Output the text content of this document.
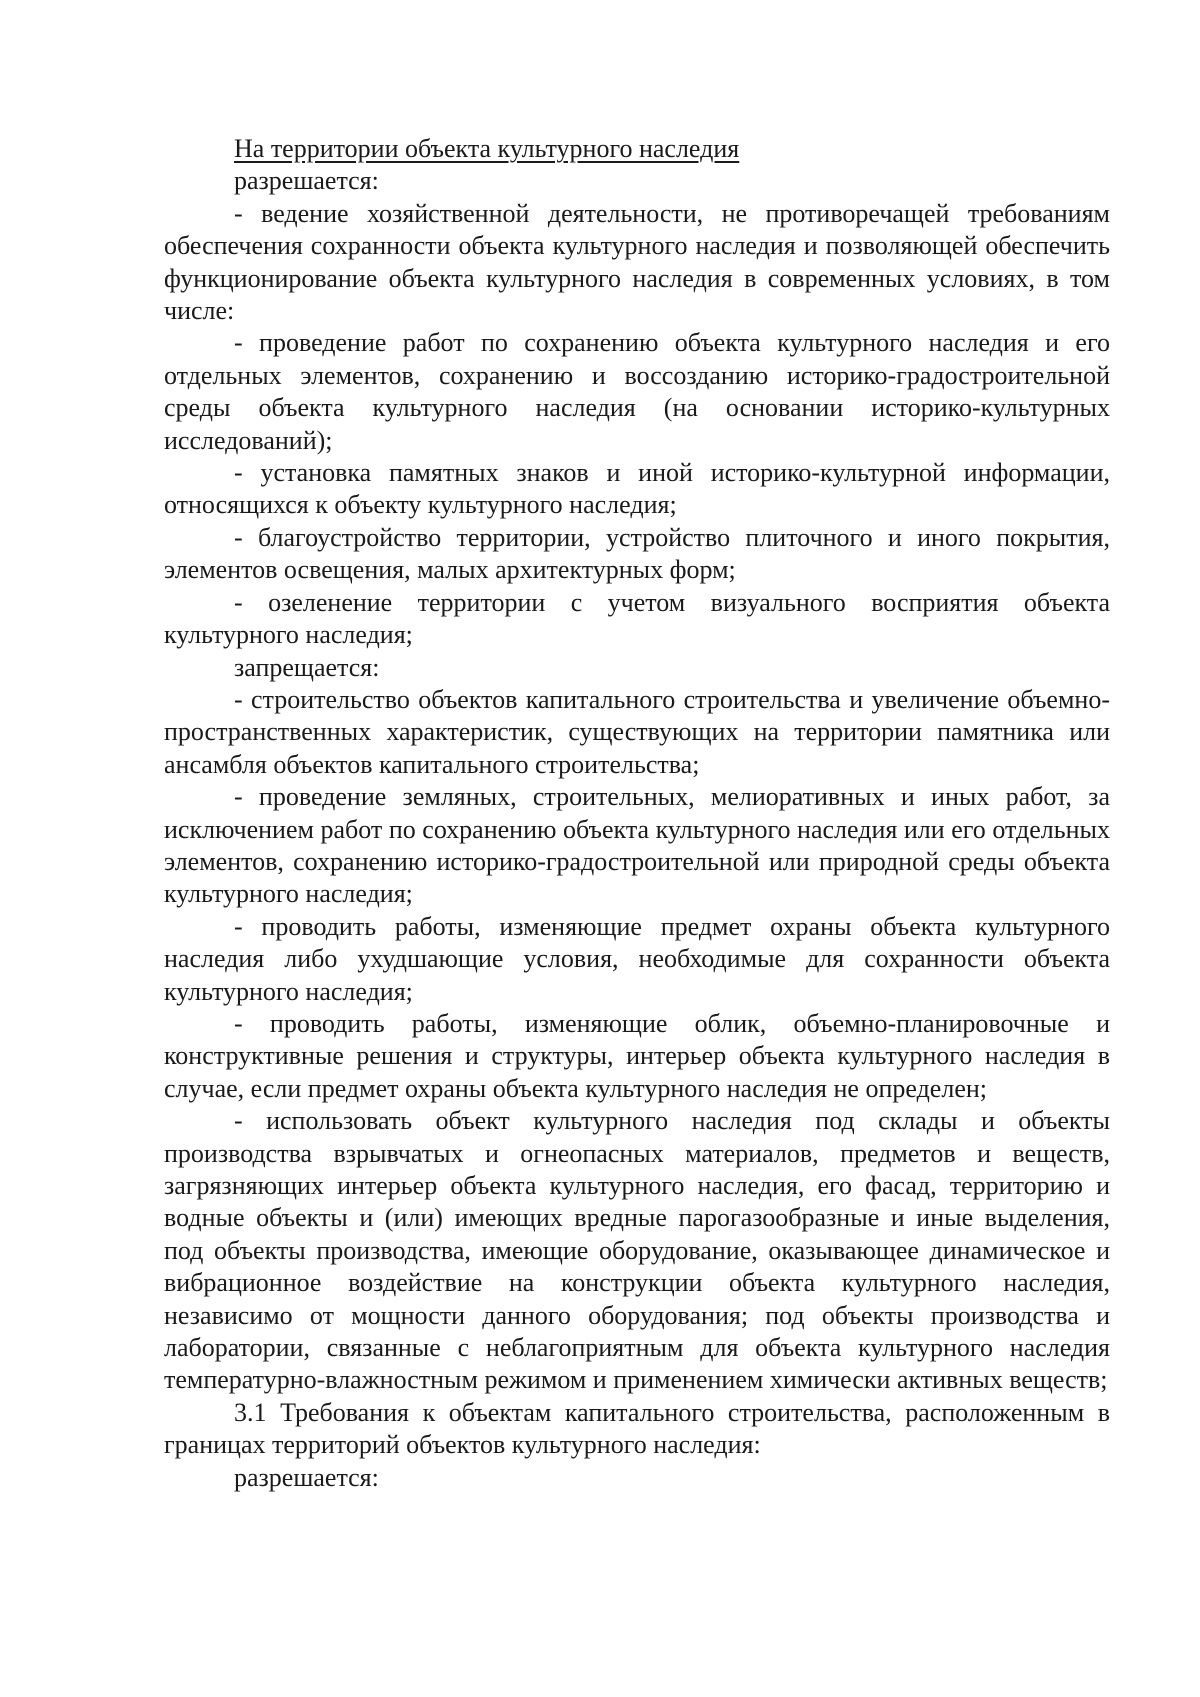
На территории объекта культурного наследия

разрешается:

- ведение хозяйственной деятельности, не противоречащей требованиям обеспечения сохранности объекта культурного наследия и позволяющей обеспечить функционирование объекта культурного наследия в современных условиях, в том числе:

- проведение работ по сохранению объекта культурного наследия и его отдельных элементов, сохранению и воссозданию историко-градостроительной среды объекта культурного наследия (на основании историко-культурных исследований);

- установка памятных знаков и иной историко-культурной информации, относящихся к объекту культурного наследия;

- благоустройство территории, устройство плиточного и иного покрытия, элементов освещения, малых архитектурных форм;

- озеленение территории с учетом визуального восприятия объекта культурного наследия;

запрещается:

- строительство объектов капитального строительства и увеличение объемно-пространственных характеристик, существующих на территории памятника или ансамбля объектов капитального строительства;

- проведение земляных, строительных, мелиоративных и иных работ, за исключением работ по сохранению объекта культурного наследия или его отдельных элементов, сохранению историко-градостроительной или природной среды объекта культурного наследия;

- проводить работы, изменяющие предмет охраны объекта культурного наследия либо ухудшающие условия, необходимые для сохранности объекта культурного наследия;

- проводить работы, изменяющие облик, объемно-планировочные и конструктивные решения и структуры, интерьер объекта культурного наследия в случае, если предмет охраны объекта культурного наследия не определен;

- использовать объект культурного наследия под склады и объекты производства взрывчатых и огнеопасных материалов, предметов и веществ, загрязняющих интерьер объекта культурного наследия, его фасад, территорию и водные объекты и (или) имеющих вредные парогазообразные и иные выделения, под объекты производства, имеющие оборудование, оказывающее динамическое и вибрационное воздействие на конструкции объекта культурного наследия, независимо от мощности данного оборудования; под объекты производства и лаборатории, связанные с неблагоприятным для объекта культурного наследия температурно-влажностным режимом и применением химически активных веществ;

3.1 Требования к объектам капитального строительства, расположенным в границах территорий объектов культурного наследия:

разрешается:
